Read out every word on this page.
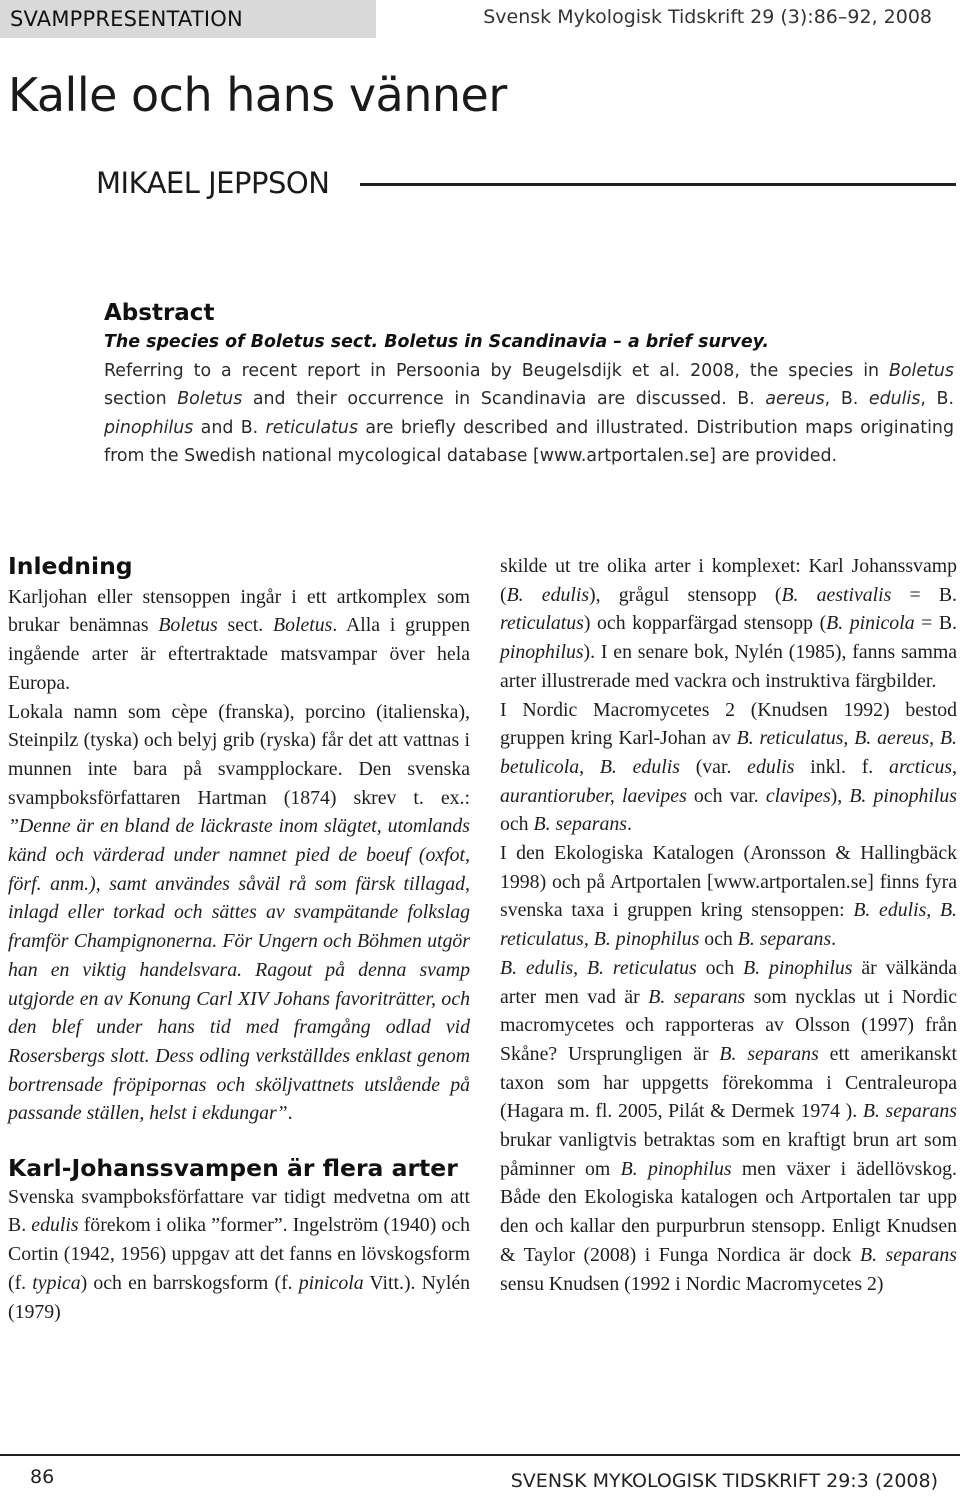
SVAMPPRESENTATION	Svensk Mykologisk Tidskrift 29 (3):86–92, 2008
Kalle och hans vänner
MIKAEL JEPPSON
Abstract
The species of Boletus sect. Boletus in Scandinavia – a brief survey.
Referring to a recent report in Persoonia by Beugelsdijk et al. 2008, the species in Boletus section Boletus and their occurrence in Scandinavia are discussed. B. aereus, B. edulis, B. pinophilus and B. reticulatus are briefly described and illustrated. Distribution maps originating from the Swedish national mycological database [www.artportalen.se] are provided.
Inledning

Karljohan eller stensoppen ingår i ett artkomplex som brukar benämnas Boletus sect. Boletus. Alla i gruppen ingående arter är eftertraktade matsvampar över hela Europa.

Lokala namn som cèpe (franska), porcino (italienska), Steinpilz (tyska) och belyj grib (ryska) får det att vattnas i munnen inte bara på svampplockare. Den svenska svampboksförfattaren Hartman (1874) skrev t. ex.: ”Denne är en bland de läckraste inom slägtet, utomlands känd och värderad under namnet pied de boeuf (oxfot, förf. anm.), samt användes såväl rå som färsk tillagad, inlagd eller torkad och sättes av svampätande folkslag framför Champignonerna. För Ungern och Böhmen utgör han en viktig handelsvara. Ragout på denna svamp utgjorde en av Konung Carl XIV Johans favoriträtter, och den blef under hans tid med framgång odlad vid Rosersbergs slott. Dess odling verkställdes enklast genom bortrensade fröpipornas och sköljvattnets utslående på passande ställen, helst i ekdungar”.

Karl-Johanssvampen är flera arter

Svenska svampboksförfattare var tidigt medvetna om att B. edulis förekom i olika ”former”. Ingelström (1940) och Cortin (1942, 1956) uppgav att det fanns en lövskogsform (f. typica) och en barrskogsform (f. pinicola Vitt.). Nylén (1979)

skilde ut tre olika arter i komplexet: Karl Johanssvamp (B. edulis), grågul stensopp (B. aestivalis = B. reticulatus) och kopparfärgad stensopp (B. pinicola = B. pinophilus). I en senare bok, Nylén (1985), fanns samma arter illustrerade med vackra och instruktiva färgbilder.

I Nordic Macromycetes 2 (Knudsen 1992) bestod gruppen kring Karl-Johan av B. reticulatus, B. aereus, B. betulicola, B. edulis (var. edulis inkl. f. arcticus, aurantioruber, laevipes och var. clavipes), B. pinophilus och B. separans.

I den Ekologiska Katalogen (Aronsson & Hallingbäck 1998) och på Artportalen [www.artportalen.se] finns fyra svenska taxa i gruppen kring stensoppen: B. edulis, B. reticulatus, B. pinophilus och B. separans.

B. edulis, B. reticulatus och B. pinophilus är välkända arter men vad är B. separans som nycklas ut i Nordic macromycetes och rapporteras av Olsson (1997) från Skåne? Ursprungligen är B. separans ett amerikanskt taxon som har uppgetts förekomma i Centraleuropa (Hagara m. fl. 2005, Pilát & Dermek 1974 ). B. separans brukar vanligtvis betraktas som en kraftigt brun art som påminner om B. pinophilus men växer i ädellövskog. Både den Ekologiska katalogen och Artportalen tar upp den och kallar den purpurbrun stensopp. Enligt Knudsen & Taylor (2008) i Funga Nordica är dock B. separans sensu Knudsen (1992 i Nordic Macromycetes 2)

86	SVENSK MYKOLOGISK TIDSKRIFT 29:3 (2008)
